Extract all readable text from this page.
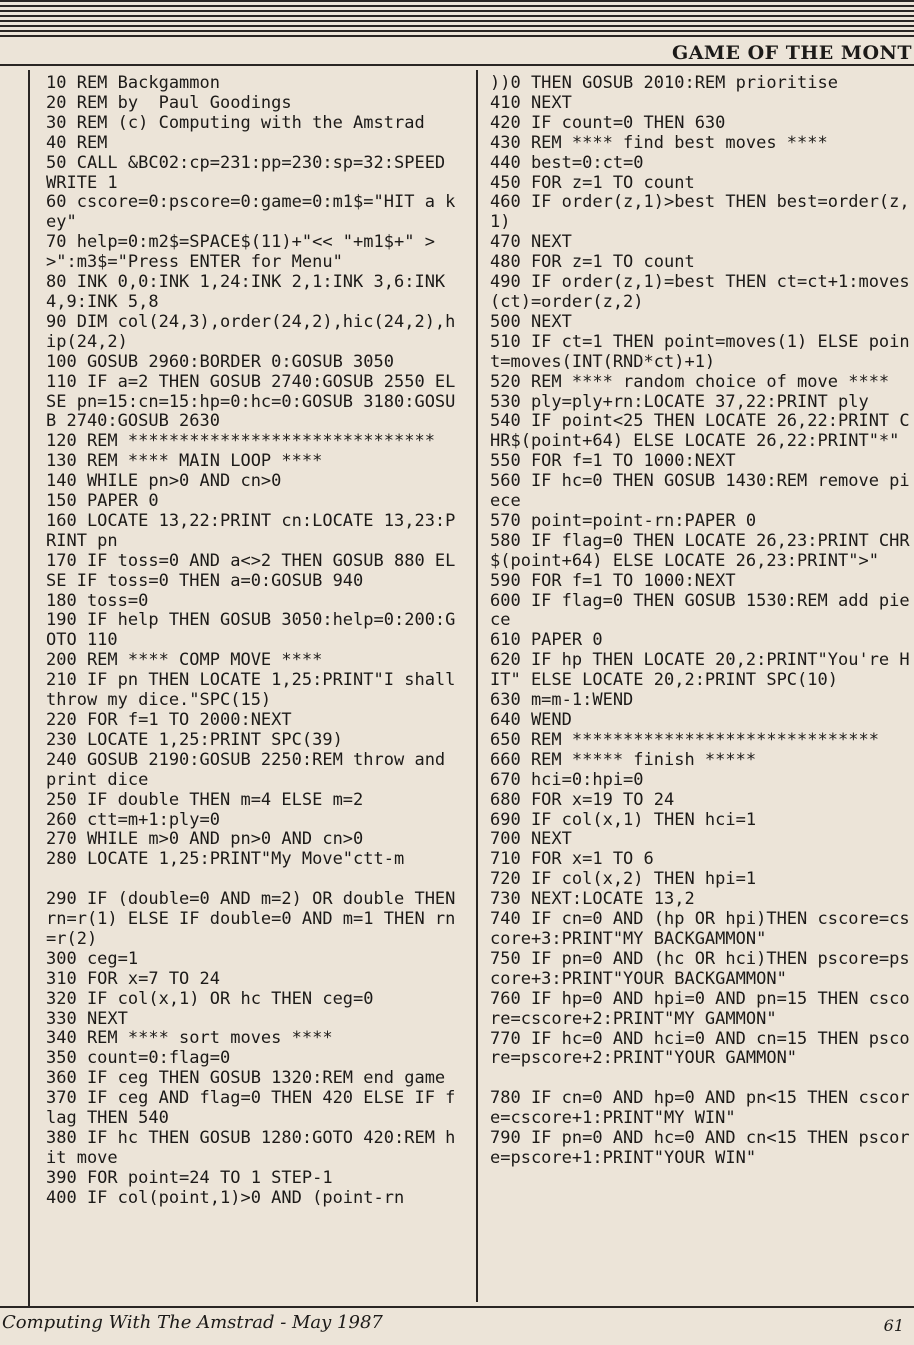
GAME OF THE MONT
10 REM Backgammon
20 REM by  Paul Goodings
30 REM (c) Computing with the Amstrad
40 REM
50 CALL &BC02:cp=231:pp=230:sp=32:SPEED WRITE 1
60 cscore=0:pscore=0:game=0:m1$="HIT a key"
70 help=0:m2$=SPACE$(11)+"<< "+m1$+" >>":m3$="Press ENTER for Menu"
80 INK 0,0:INK 1,24:INK 2,1:INK 3,6:INK 4,9:INK 5,8
90 DIM col(24,3),order(24,2),hic(24,2),hip(24,2)
100 GOSUB 2960:BORDER 0:GOSUB 3050
110 IF a=2 THEN GOSUB 2740:GOSUB 2550 ELSE pn=15:cn=15:hp=0:hc=0:GOSUB 3180:GOSUB 2740:GOSUB 2630
120 REM ******************************
130 REM **** MAIN LOOP ****
140 WHILE pn>0 AND cn>0
150 PAPER 0
160 LOCATE 13,22:PRINT cn:LOCATE 13,23:PRINT pn
170 IF toss=0 AND a<>2 THEN GOSUB 880 ELSE IF toss=0 THEN a=0:GOSUB 940
180 toss=0
190 IF help THEN GOSUB 3050:help=0:200:GOTO 110
200 REM **** COMP MOVE ****
210 IF pn THEN LOCATE 1,25:PRINT"I shall throw my dice."SPC(15)
220 FOR f=1 TO 2000:NEXT
230 LOCATE 1,25:PRINT SPC(39)
240 GOSUB 2190:GOSUB 2250:REM throw and print dice
250 IF double THEN m=4 ELSE m=2
260 ctt=m+1:ply=0
270 WHILE m>0 AND pn>0 AND cn>0
280 LOCATE 1,25:PRINT"My Move"ctt-m
290 IF (double=0 AND m=2) OR double THEN rn=r(1) ELSE IF double=0 AND m=1 THEN rn=r(2)
300 ceg=1
310 FOR x=7 TO 24
320 IF col(x,1) OR hc THEN ceg=0
330 NEXT
340 REM **** sort moves ****
350 count=0:flag=0
360 IF ceg THEN GOSUB 1320:REM end game
370 IF ceg AND flag=0 THEN 420 ELSE IF flag THEN 540
380 IF hc THEN GOSUB 1280:GOTO 420:REM hit move
390 FOR point=24 TO 1 STEP-1
400 IF col(point,1)>0 AND (point-rn
))0 THEN GOSUB 2010:REM prioritise
410 NEXT
420 IF count=0 THEN 630
430 REM **** find best moves ****
440 best=0:ct=0
450 FOR z=1 TO count
460 IF order(z,1)>best THEN best=order(z,1)
470 NEXT
480 FOR z=1 TO count
490 IF order(z,1)=best THEN ct=ct+1:moves(ct)=order(z,2)
500 NEXT
510 IF ct=1 THEN point=moves(1) ELSE point=moves(INT(RND*ct)+1)
520 REM **** random choice of move ****
530 ply=ply+rn:LOCATE 37,22:PRINT ply
540 IF point<25 THEN LOCATE 26,22:PRINT CHR$(point+64) ELSE LOCATE 26,22:PRINT"*"
550 FOR f=1 TO 1000:NEXT
560 IF hc=0 THEN GOSUB 1430:REM remove piece
570 point=point-rn:PAPER 0
580 IF flag=0 THEN LOCATE 26,23:PRINT CHR$(point+64) ELSE LOCATE 26,23:PRINT">"
590 FOR f=1 TO 1000:NEXT
600 IF flag=0 THEN GOSUB 1530:REM add piece
610 PAPER 0
620 IF hp THEN LOCATE 20,2:PRINT"You're HIT" ELSE LOCATE 20,2:PRINT SPC(10)
630 m=m-1:WEND
640 WEND
650 REM ******************************
660 REM ***** finish *****
670 hci=0:hpi=0
680 FOR x=19 TO 24
690 IF col(x,1) THEN hci=1
700 NEXT
710 FOR x=1 TO 6
720 IF col(x,2) THEN hpi=1
730 NEXT:LOCATE 13,2
740 IF cn=0 AND (hp OR hpi)THEN cscore=cscore+3:PRINT"MY BACKGAMMON"
750 IF pn=0 AND (hc OR hci)THEN pscore=pscore+3:PRINT"YOUR BACKGAMMON"
760 IF hp=0 AND hpi=0 AND pn=15 THEN cscore=cscore+2:PRINT"MY GAMMON"
770 IF hc=0 AND hci=0 AND cn=15 THEN pscore=pscore+2:PRINT"YOUR GAMMON"
780 IF cn=0 AND hp=0 AND pn<15 THEN cscore=cscore+1:PRINT"MY WIN"
790 IF pn=0 AND hc=0 AND cn<15 THEN pscore=pscore+1:PRINT"YOUR WIN"
Computing With The Amstrad - May 1987	61
